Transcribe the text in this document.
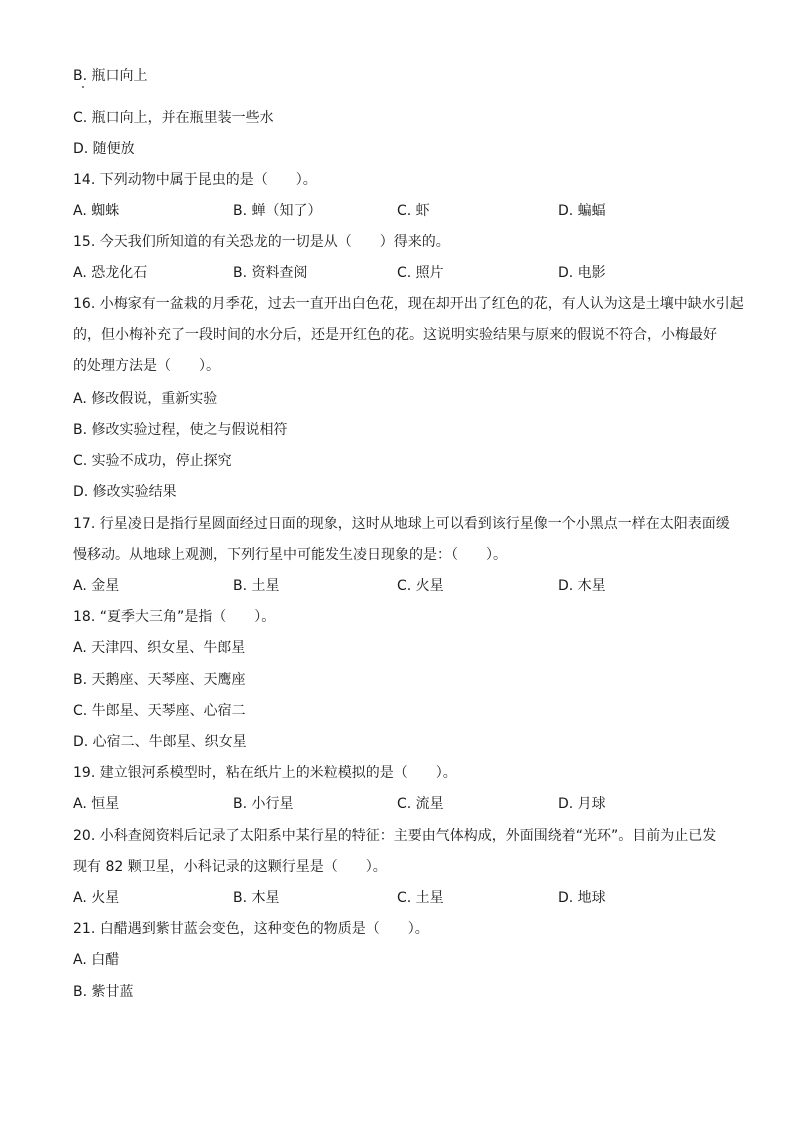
B. 瓶口向上
C. 瓶口向上，并在瓶里装一些水
D. 随便放
14. 下列动物中属于昆虫的是（　　）。
A. 蜘蛛	B. 蝉（知了）	C. 虾	D. 蝙蝠
15. 今天我们所知道的有关恐龙的一切是从（　　）得来的。
A. 恐龙化石	B. 资料查阅	C. 照片	D. 电影
16. 小梅家有一盆栽的月季花，过去一直开出白色花，现在却开出了红色的花，有人认为这是土壤中缺水引起
的，但小梅补充了一段时间的水分后，还是开红色的花。这说明实验结果与原来的假说不符合，小梅最好
的处理方法是（　　）。
A. 修改假说，重新实验
B. 修改实验过程，使之与假说相符
C. 实验不成功，停止探究
D. 修改实验结果
17. 行星凌日是指行星圆面经过日面的现象，这时从地球上可以看到该行星像一个小黑点一样在太阳表面缓
慢移动。从地球上观测，下列行星中可能发生凌日现象的是：（　　）。
A. 金星	B. 土星	C. 火星	D. 木星
18. “夏季大三角”是指（　　）。
A. 天津四、织女星、牛郎星
B. 天鹅座、天琴座、天鹰座
C. 牛郎星、天琴座、心宿二
D. 心宿二、牛郎星、织女星
19. 建立银河系模型时，粘在纸片上的米粒模拟的是（　　）。
A. 恒星	B. 小行星	C. 流星	D. 月球
20. 小科查阅资料后记录了太阳系中某行星的特征：主要由气体构成，外面围绕着“光环”。目前为止已发
现有 82 颗卫星，小科记录的这颗行星是（　　）。
A. 火星	B. 木星	C. 土星	D. 地球
21. 白醋遇到紫甘蓝会变色，这种变色的物质是（　　）。
A. 白醋
B. 紫甘蓝
